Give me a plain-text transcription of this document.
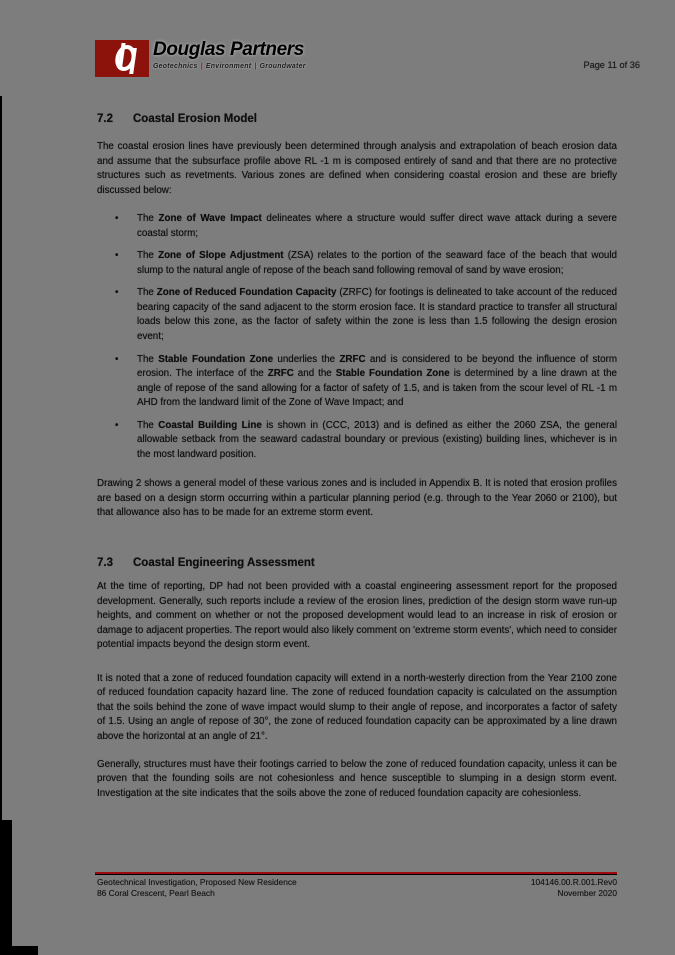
Douglas Partners
Geotechnics | Environment | Groundwater	Page 11 of 36
7.2 Coastal Erosion Model

The coastal erosion lines have previously been determined through analysis and extrapolation of beach erosion data and assume that the subsurface profile above RL -1 m is composed entirely of sand and that there are no protective structures such as revetments. Various zones are defined when considering coastal erosion and these are briefly discussed below:

•	The Zone of Wave Impact delineates where a structure would suffer direct wave attack during a severe coastal storm;
•	The Zone of Slope Adjustment (ZSA) relates to the portion of the seaward face of the beach that would slump to the natural angle of repose of the beach sand following removal of sand by wave erosion;
•	The Zone of Reduced Foundation Capacity (ZRFC) for footings is delineated to take account of the reduced bearing capacity of the sand adjacent to the storm erosion face. It is standard practice to transfer all structural loads below this zone, as the factor of safety within the zone is less than 1.5 following the design erosion event;
•	The Stable Foundation Zone underlies the ZRFC and is considered to be beyond the influence of storm erosion. The interface of the ZRFC and the Stable Foundation Zone is determined by a line drawn at the angle of repose of the sand allowing for a factor of safety of 1.5, and is taken from the scour level of RL -1 m AHD from the landward limit of the Zone of Wave Impact; and
•	The Coastal Building Line is shown in (CCC, 2013) and is defined as either the 2060 ZSA, the general allowable setback from the seaward cadastral boundary or previous (existing) building lines, whichever is in the most landward position.

Drawing 2 shows a general model of these various zones and is included in Appendix B. It is noted that erosion profiles are based on a design storm occurring within a particular planning period (e.g. through to the Year 2060 or 2100), but that allowance also has to be made for an extreme storm event.

7.3 Coastal Engineering Assessment

At the time of reporting, DP had not been provided with a coastal engineering assessment report for the proposed development. Generally, such reports include a review of the erosion lines, prediction of the design storm wave run-up heights, and comment on whether or not the proposed development would lead to an increase in risk of erosion or damage to adjacent properties. The report would also likely comment on 'extreme storm events', which need to consider potential impacts beyond the design storm event.

It is noted that a zone of reduced foundation capacity will extend in a north-westerly direction from the Year 2100 zone of reduced foundation capacity hazard line. The zone of reduced foundation capacity is calculated on the assumption that the soils behind the zone of wave impact would slump to their angle of repose, and incorporates a factor of safety of 1.5. Using an angle of repose of 30°, the zone of reduced foundation capacity can be approximated by a line drawn above the horizontal at an angle of 21°.

Generally, structures must have their footings carried to below the zone of reduced foundation capacity, unless it can be proven that the founding soils are not cohesionless and hence susceptible to slumping in a design storm event. Investigation at the site indicates that the soils above the zone of reduced foundation capacity are cohesionless.

Geotechnical Investigation, Proposed New Residence
86 Coral Crescent, Pearl Beach
104146.00.R.001.Rev0
November 2020
